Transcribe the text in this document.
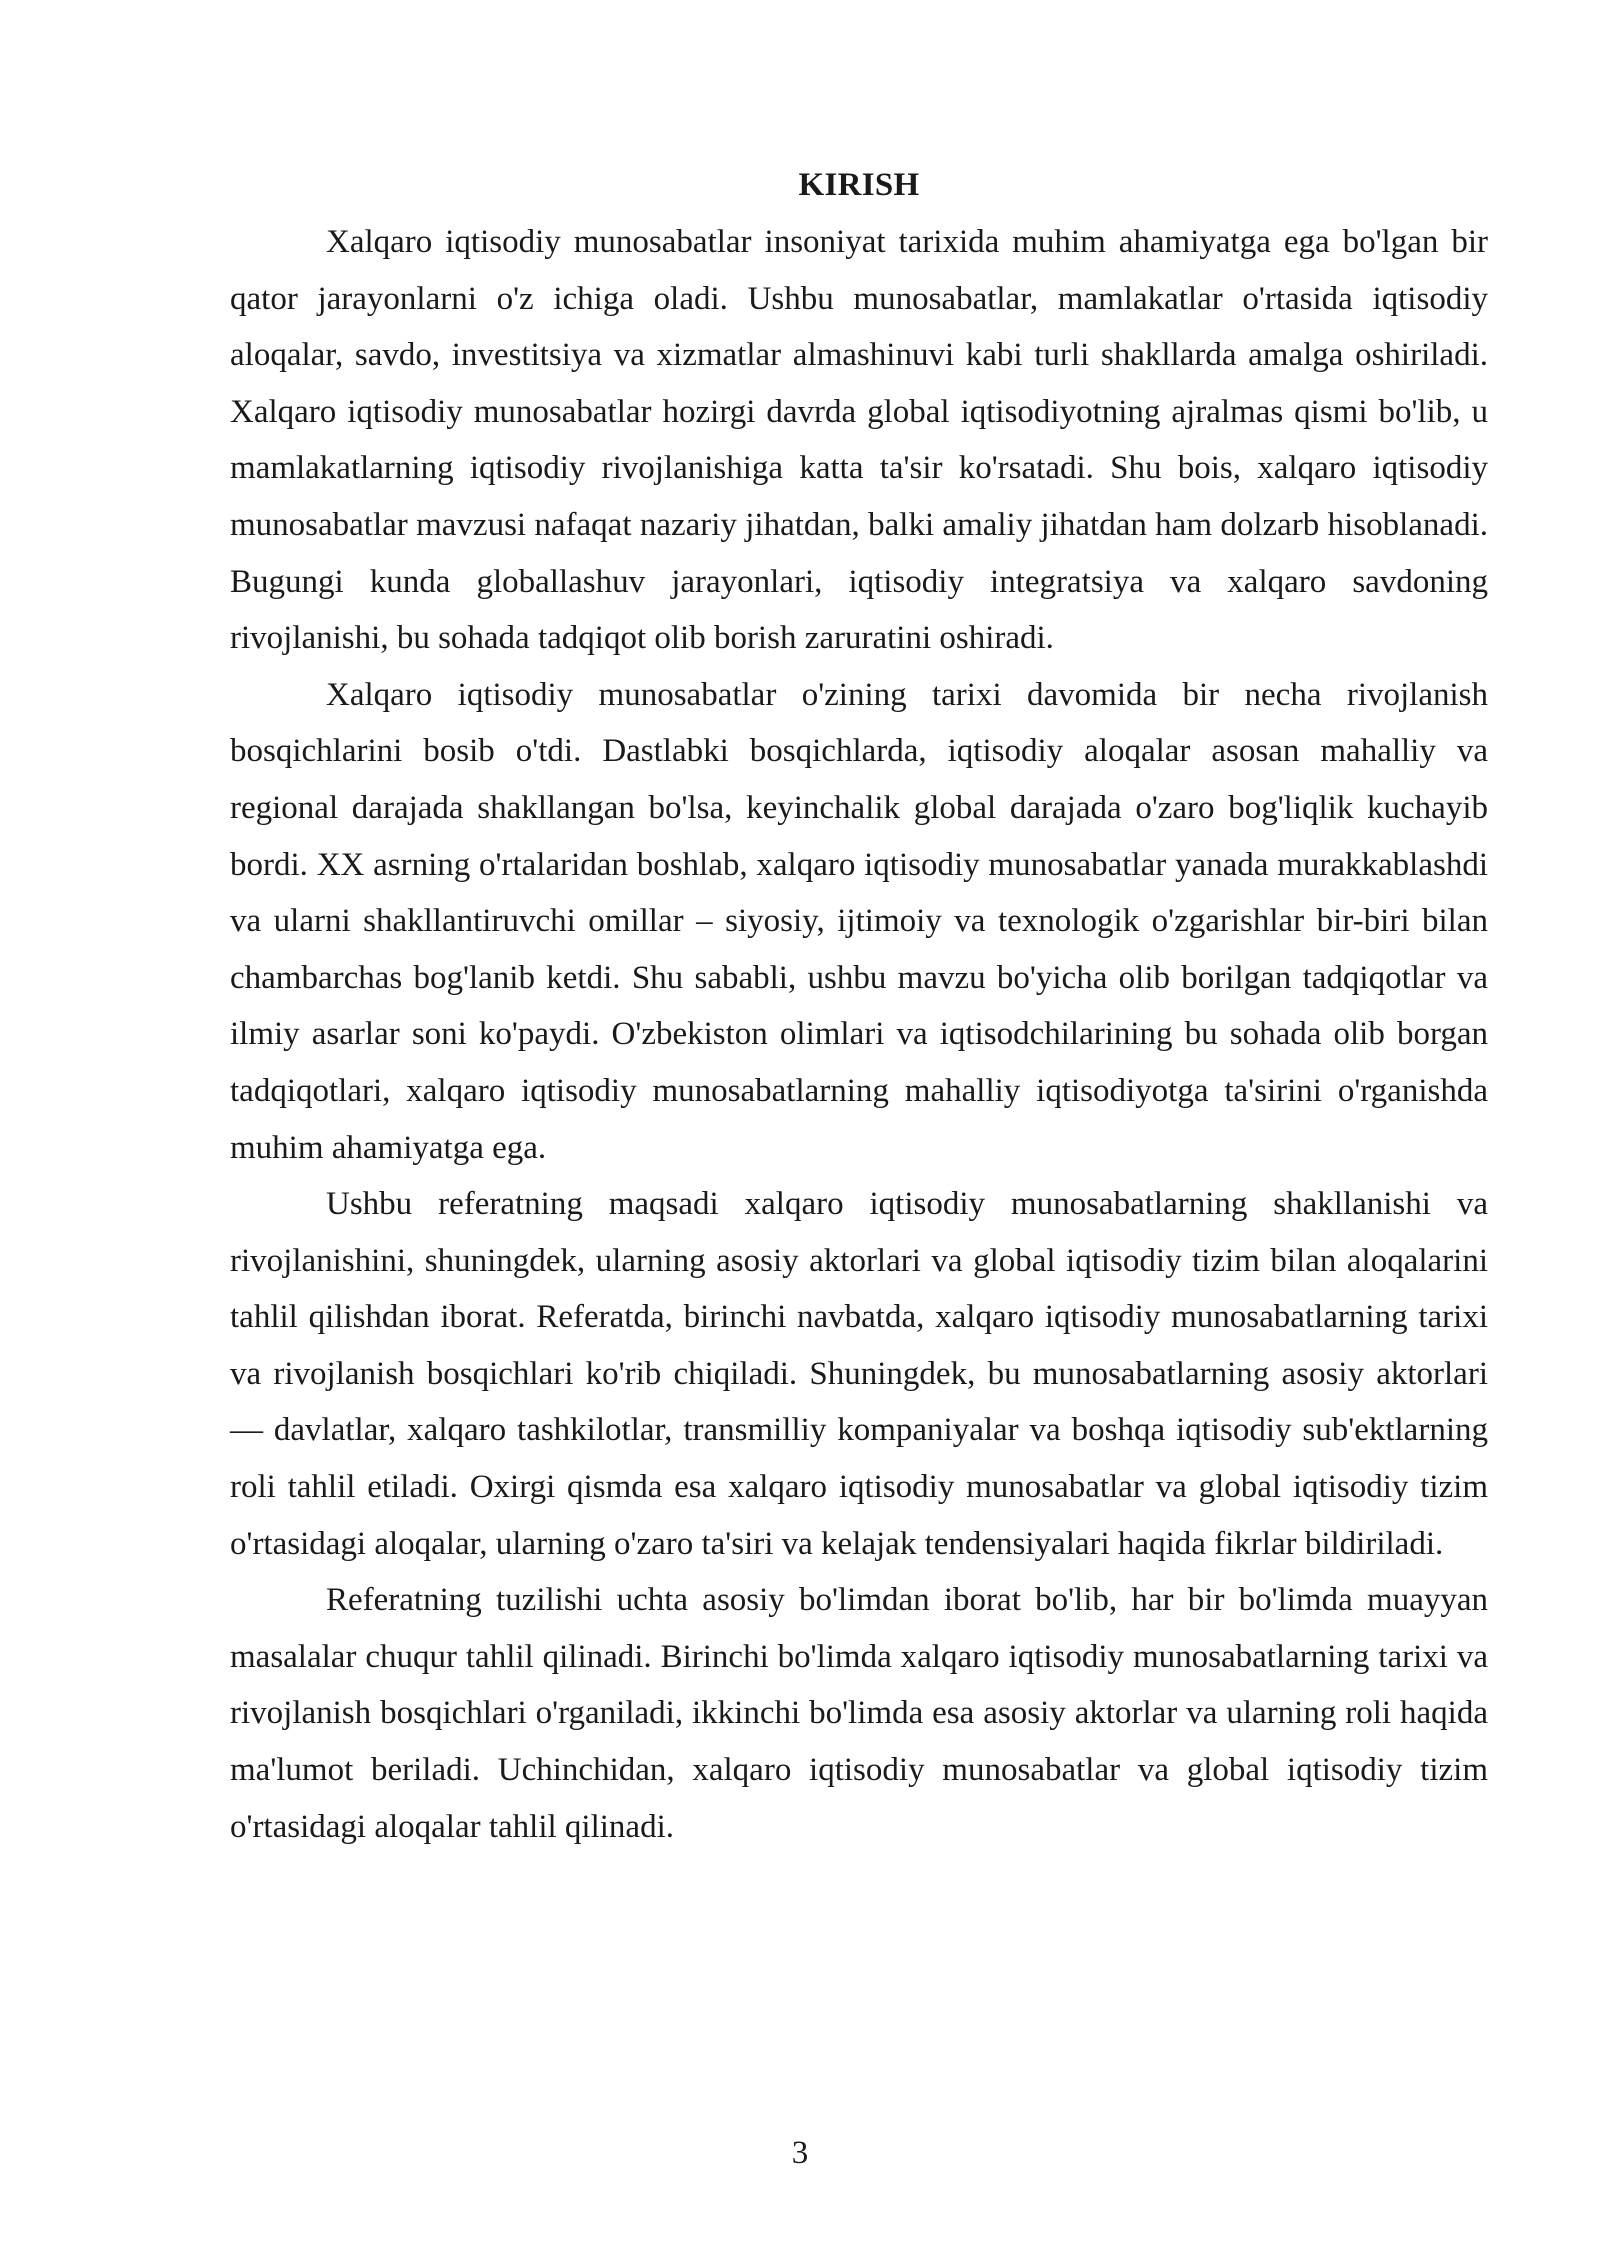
KIRISH

Xalqaro iqtisodiy munosabatlar insoniyat tarixida muhim ahamiyatga ega bo'lgan bir qator jarayonlarni o'z ichiga oladi. Ushbu munosabatlar, mamlakatlar o'rtasida iqtisodiy aloqalar, savdo, investitsiya va xizmatlar almashinuvi kabi turli shakllarda amalga oshiriladi. Xalqaro iqtisodiy munosabatlar hozirgi davrda global iqtisodiyotning ajralmas qismi bo'lib, u mamlakatlarning iqtisodiy rivojlanishiga katta ta'sir ko'rsatadi. Shu bois, xalqaro iqtisodiy munosabatlar mavzusi nafaqat nazariy jihatdan, balki amaliy jihatdan ham dolzarb hisoblanadi. Bugungi kunda globallashuv jarayonlari, iqtisodiy integratsiya va xalqaro savdoning rivojlanishi, bu sohada tadqiqot olib borish zaruratini oshiradi.

Xalqaro iqtisodiy munosabatlar o'zining tarixi davomida bir necha rivojlanish bosqichlarini bosib o'tdi. Dastlabki bosqichlarda, iqtisodiy aloqalar asosan mahalliy va regional darajada shakllangan bo'lsa, keyinchalik global darajada o'zaro bog'liqlik kuchayib bordi. XX asrning o'rtalaridan boshlab, xalqaro iqtisodiy munosabatlar yanada murakkablashdi va ularni shakllantiruvchi omillar – siyosiy, ijtimoiy va texnologik o'zgarishlar bir-biri bilan chambarchas bog'lanib ketdi. Shu sababli, ushbu mavzu bo'yicha olib borilgan tadqiqotlar va ilmiy asarlar soni ko'paydi. O'zbekiston olimlari va iqtisodchilarining bu sohada olib borgan tadqiqotlari, xalqaro iqtisodiy munosabatlarning mahalliy iqtisodiyotga ta'sirini o'rganishda muhim ahamiyatga ega.

Ushbu referatning maqsadi xalqaro iqtisodiy munosabatlarning shakllanishi va rivojlanishini, shuningdek, ularning asosiy aktorlari va global iqtisodiy tizim bilan aloqalarini tahlil qilishdan iborat. Referatda, birinchi navbatda, xalqaro iqtisodiy munosabatlarning tarixi va rivojlanish bosqichlari ko'rib chiqiladi. Shuningdek, bu munosabatlarning asosiy aktorlari — davlatlar, xalqaro tashkilotlar, transmilliy kompaniyalar va boshqa iqtisodiy sub'ektlarning roli tahlil etiladi. Oxirgi qismda esa xalqaro iqtisodiy munosabatlar va global iqtisodiy tizim o'rtasidagi aloqalar, ularning o'zaro ta'siri va kelajak tendensiyalari haqida fikrlar bildiriladi.

Referatning tuzilishi uchta asosiy bo'limdan iborat bo'lib, har bir bo'limda muayyan masalalar chuqur tahlil qilinadi. Birinchi bo'limda xalqaro iqtisodiy munosabatlarning tarixi va rivojlanish bosqichlari o'rganiladi, ikkinchi bo'limda esa asosiy aktorlar va ularning roli haqida ma'lumot beriladi. Uchinchidan, xalqaro iqtisodiy munosabatlar va global iqtisodiy tizim o'rtasidagi aloqalar tahlil qilinadi.

3
